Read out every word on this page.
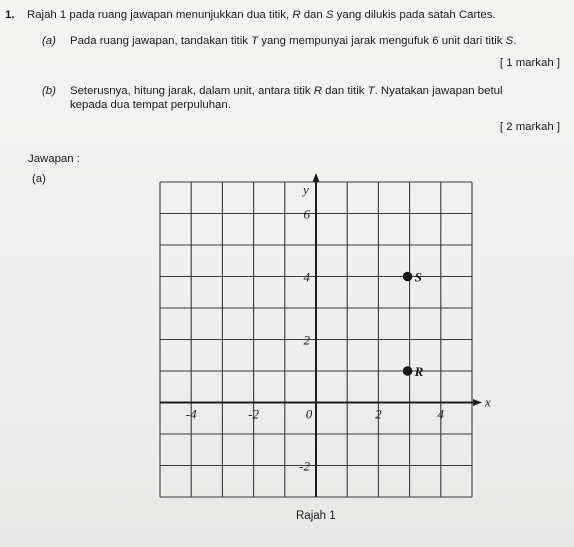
1. Rajah 1 pada ruang jawapan menunjukkan dua titik, R dan S yang dilukis pada satah Cartes.
(a) Pada ruang jawapan, tandakan titik T yang mempunyai jarak mengufuk 6 unit dari titik S.
[ 1 markah ]
(b) Seterusnya, hitung jarak, dalam unit, antara titik R dan titik T. Nyatakan jawapan betul
kepada dua tempat perpuluhan.
[ 2 markah ]
Jawapan :
(a)
x
y
-4	-2	0	2	4
6
4
2
-2
S
R
Rajah 1
